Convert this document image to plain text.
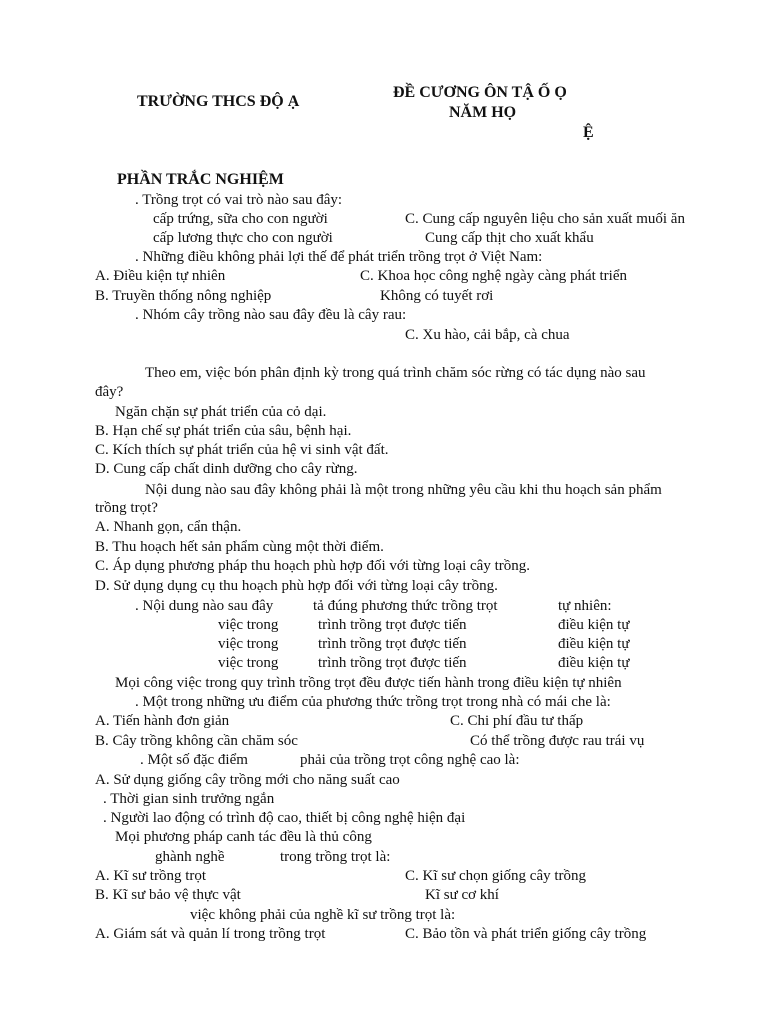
TRƯỜNG THCS ĐỘ Ạ
ĐỀ CƯƠNG ÔN TẬ Ố Ọ
NĂM HỌ
Ệ
PHẦN TRẮC NGHIỆM
. Trồng trọt có vai trò nào sau đây:
cấp trứng, sữa cho con người	C. Cung cấp nguyên liệu cho sản xuất muối ăn
cấp lương thực cho con người	Cung cấp thịt cho xuất khẩu
. Những điều không phải lợi thế để phát triển trồng trọt ở Việt Nam:
A. Điều kiện tự nhiên	C. Khoa học công nghệ ngày càng phát triển
B. Truyền thống nông nghiệp	Không có tuyết rơi
. Nhóm cây trồng nào sau đây đều là cây rau:
C. Xu hào, cải bắp, cà chua
Theo em, việc bón phân định kỳ trong quá trình chăm sóc rừng có tác dụng nào sau
đây?
Ngăn chặn sự phát triển của cỏ dại.
B. Hạn chế sự phát triển của sâu, bệnh hại.
C. Kích thích sự phát triển của hệ vi sinh vật đất.
D. Cung cấp chất dinh dưỡng cho cây rừng.
Nội dung nào sau đây không phải là một trong những yêu cầu khi thu hoạch sản phẩm
trồng trọt?
A. Nhanh gọn, cẩn thận.
B. Thu hoạch hết sản phẩm cùng một thời điểm.
C. Áp dụng phương pháp thu hoạch phù hợp đối với từng loại cây trồng.
D. Sử dụng dụng cụ thu hoạch phù hợp đối với từng loại cây trồng.
. Nội dung nào sau đây	tả đúng phương thức trồng trọt	tự nhiên:
việc trong	trình trồng trọt được tiến	điều kiện tự
việc trong	trình trồng trọt được tiến	điều kiện tự
việc trong	trình trồng trọt được tiến	điều kiện tự
Mọi công việc trong quy trình trồng trọt đều được tiến hành trong điều kiện tự nhiên
. Một trong những ưu điểm của phương thức trồng trọt trong nhà có mái che là:
A. Tiến hành đơn giản	C. Chi phí đầu tư thấp
B. Cây trồng không cần chăm sóc	Có thể trồng được rau trái vụ
. Một số đặc điểm	phải của trồng trọt công nghệ cao là:
A. Sử dụng giống cây trồng mới cho năng suất cao
. Thời gian sinh trưởng ngắn
. Người lao động có trình độ cao, thiết bị công nghệ hiện đại
Mọi phương pháp canh tác đều là thủ công
ghành nghề	trong trồng trọt là:
A. Kĩ sư trồng trọt	C. Kĩ sư chọn giống cây trồng
B. Kĩ sư bảo vệ thực vật	Kĩ sư cơ khí
việc không phải của nghề kĩ sư trồng trọt là:
A. Giám sát và quản lí trong trồng trọt	C. Bảo tồn và phát triển giống cây trồng
